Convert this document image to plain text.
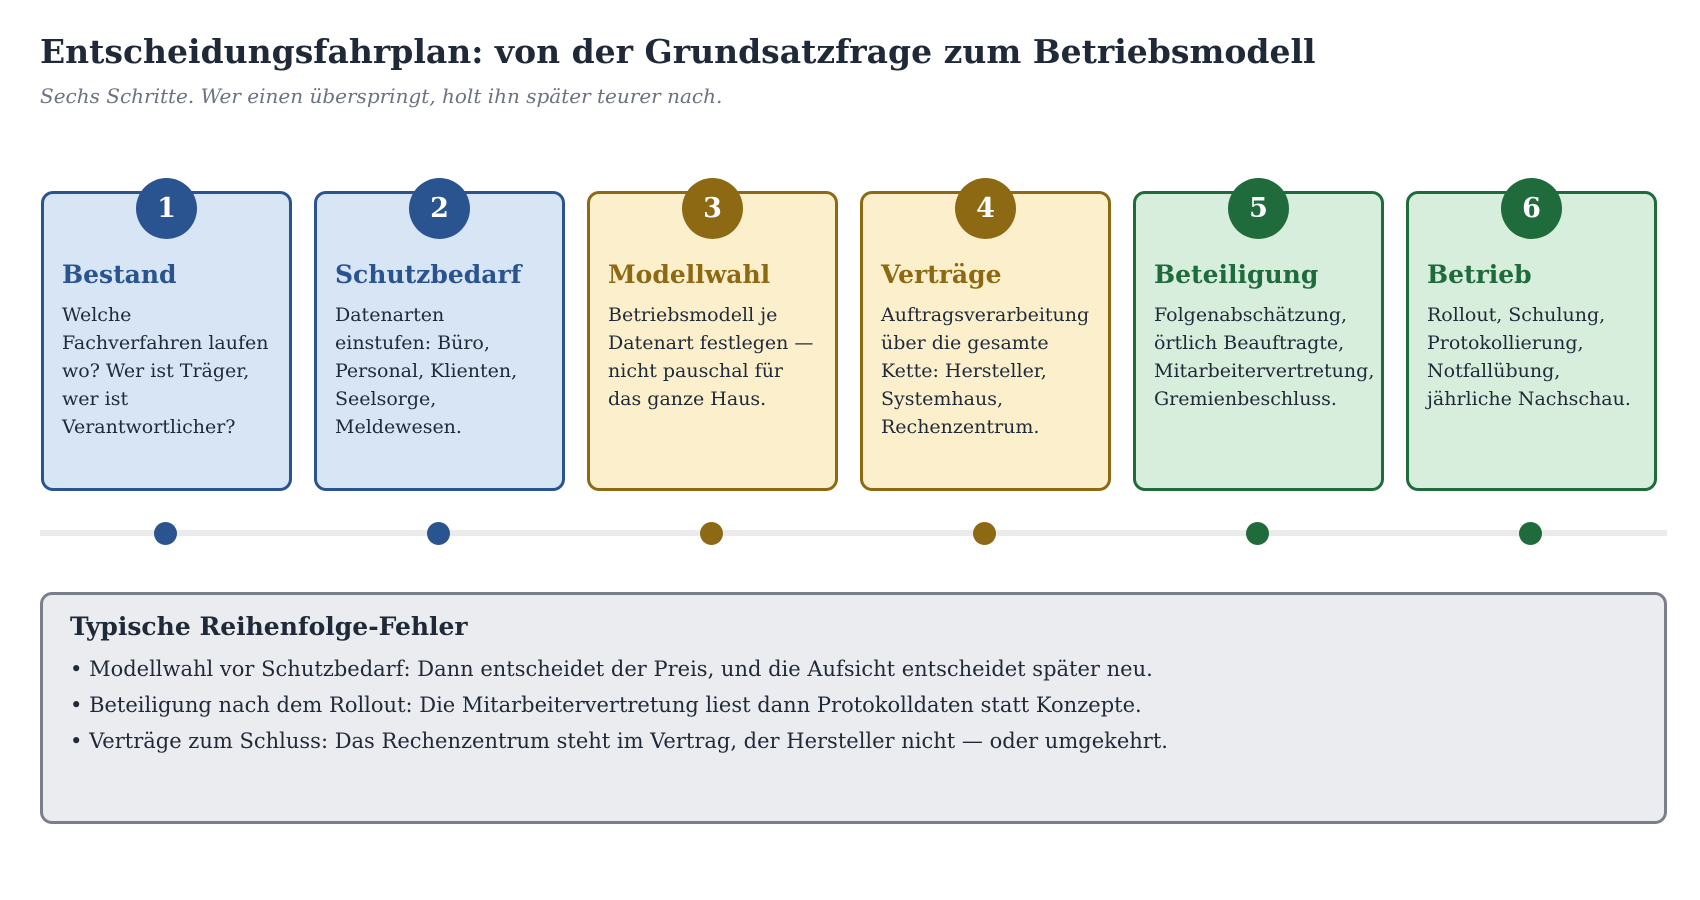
Entscheidungsfahrplan: von der Grundsatzfrage zum Betriebsmodell
Sechs Schritte. Wer einen überspringt, holt ihn später teurer nach.
Bestand
Welche Fachverfahren laufen wo? Wer ist Träger, wer ist Verantwortlicher?
1
Schutzbedarf
Datenarten einstufen: Büro, Personal, Klienten, Seelsorge, Meldewesen.
2
Modellwahl
Betriebsmodell je Datenart festlegen — nicht pauschal für das ganze Haus.
3
Verträge
Auftragsverarbeitung über die gesamte Kette: Hersteller, Systemhaus, Rechenzentrum.
4
Beteiligung
Folgenabschätzung, örtlich Beauftragte, Mitarbeitervertretung, Gremienbeschluss.
5
Betrieb
Rollout, Schulung, Protokollierung, Notfallübung, jährliche Nachschau.
6
Typische Reihenfolge-Fehler
• Modellwahl vor Schutzbedarf: Dann entscheidet der Preis, und die Aufsicht entscheidet später neu.
• Beteiligung nach dem Rollout: Die Mitarbeitervertretung liest dann Protokolldaten statt Konzepte.
• Verträge zum Schluss: Das Rechenzentrum steht im Vertrag, der Hersteller nicht — oder umgekehrt.
